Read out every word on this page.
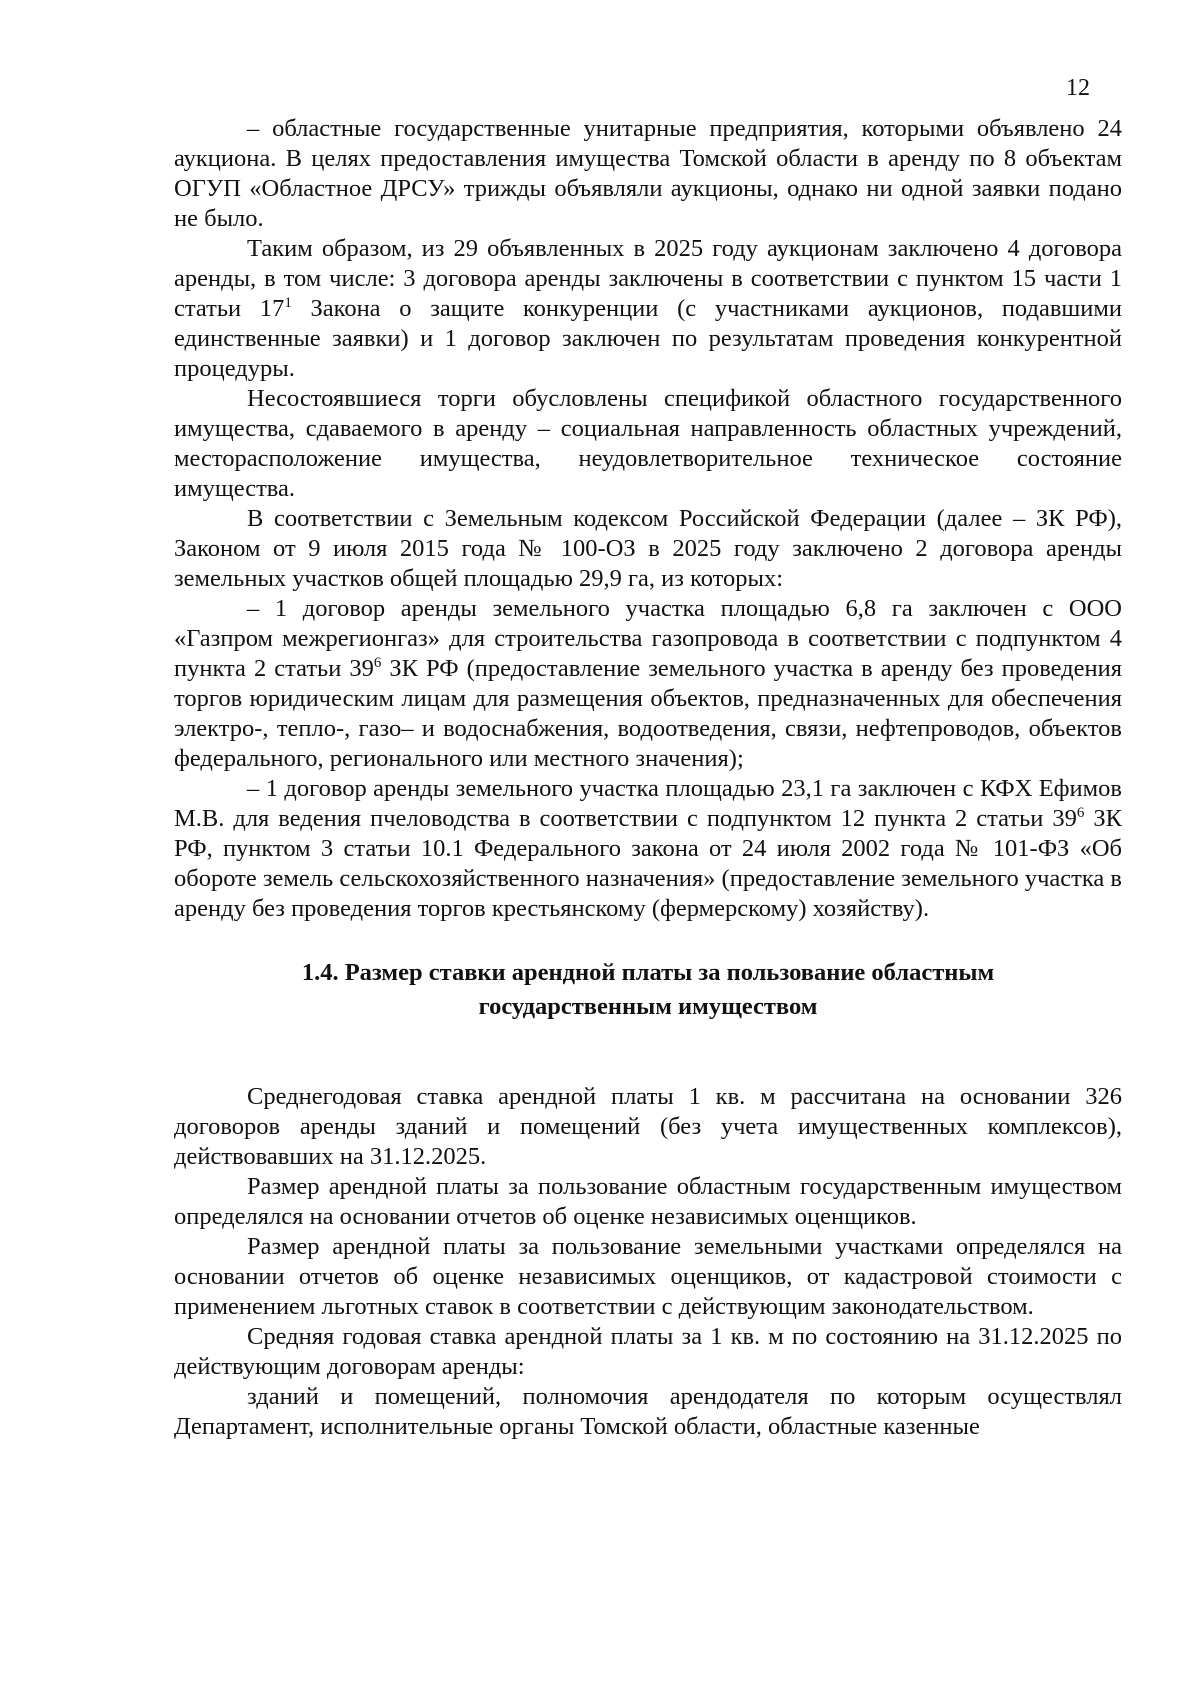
12

– областные государственные унитарные предприятия, которыми объявлено 24 аукциона. В целях предоставления имущества Томской области в аренду по 8 объектам ОГУП «Областное ДРСУ» трижды объявляли аукционы, однако ни одной заявки подано не было.

Таким образом, из 29 объявленных в 2025 году аукционам заключено 4 договора аренды, в том числе: 3 договора аренды заключены в соответствии с пунктом 15 части 1 статьи $17^1$ Закона о защите конкуренции (с участниками аукционов, подавшими единственные заявки) и 1 договор заключен по результатам проведения конкурентной процедуры.

Несостоявшиеся торги обусловлены спецификой областного государственного имущества, сдаваемого в аренду – социальная направленность областных учреждений, месторасположение имущества, неудовлетворительное техническое состояние имущества.

В соответствии с Земельным кодексом Российской Федерации (далее – ЗК РФ), Законом от 9 июля 2015 года № 100-ОЗ в 2025 году заключено 2 договора аренды земельных участков общей площадью 29,9 га, из которых:

– 1 договор аренды земельного участка площадью 6,8 га заключен с ООО «Газпром межрегионгаз» для строительства газопровода в соответствии с подпунктом 4 пункта 2 статьи $39^6$ ЗК РФ (предоставление земельного участка в аренду без проведения торгов юридическим лицам для размещения объектов, предназначенных для обеспечения электро-, тепло-, газо– и водоснабжения, водоотведения, связи, нефтепроводов, объектов федерального, регионального или местного значения);

– 1 договор аренды земельного участка площадью 23,1 га заключен с КФХ Ефимов М.В. для ведения пчеловодства в соответствии с подпунктом 12 пункта 2 статьи $39^6$ ЗК РФ, пунктом 3 статьи 10.1 Федерального закона от 24 июля 2002 года № 101-ФЗ «Об обороте земель сельскохозяйственного назначения» (предоставление земельного участка в аренду без проведения торгов крестьянскому (фермерскому) хозяйству).

1.4. Размер ставки арендной платы за пользование областным
государственным имуществом

Среднегодовая ставка арендной платы 1 кв. м рассчитана на основании 326 договоров аренды зданий и помещений (без учета имущественных комплексов), действовавших на 31.12.2025.

Размер арендной платы за пользование областным государственным имуществом определялся на основании отчетов об оценке независимых оценщиков.

Размер арендной платы за пользование земельными участками определялся на основании отчетов об оценке независимых оценщиков, от кадастровой стоимости с применением льготных ставок в соответствии с действующим законодательством.

Средняя годовая ставка арендной платы за 1 кв. м по состоянию на 31.12.2025 по действующим договорам аренды:

зданий и помещений, полномочия арендодателя по которым осуществлял Департамент, исполнительные органы Томской области, областные казенные
